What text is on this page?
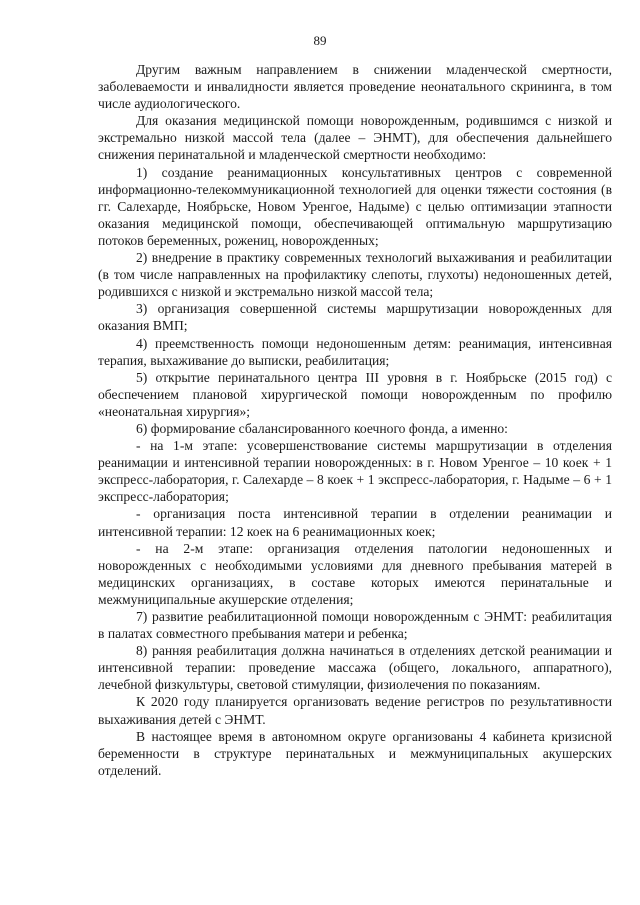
89

Другим важным направлением в снижении младенческой смертности, заболеваемости и инвалидности является проведение неонатального скрининга, в том числе аудиологического.

Для оказания медицинской помощи новорожденным, родившимся с низкой и экстремально низкой массой тела (далее – ЭНМТ), для обеспечения дальнейшего снижения перинатальной и младенческой смертности необходимо:

1) создание реанимационных консультативных центров с современной информационно-телекоммуникационной технологией для оценки тяжести состояния (в гг. Салехарде, Ноябрьске, Новом Уренгое, Надыме) с целью оптимизации этапности оказания медицинской помощи, обеспечивающей оптимальную маршрутизацию потоков беременных, рожениц, новорожденных;

2) внедрение в практику современных технологий выхаживания и реабилитации (в том числе направленных на профилактику слепоты, глухоты) недоношенных детей, родившихся с низкой и экстремально низкой массой тела;

3) организация совершенной системы маршрутизации новорожденных для оказания ВМП;

4) преемственность помощи недоношенным детям: реанимация, интенсивная терапия, выхаживание до выписки, реабилитация;

5) открытие перинатального центра III уровня в г. Ноябрьске (2015 год) с обеспечением плановой хирургической помощи новорожденным по профилю «неонатальная хирургия»;

6) формирование сбалансированного коечного фонда, а именно:

- на 1-м этапе: усовершенствование системы маршрутизации в отделения реанимации и интенсивной терапии новорожденных: в г. Новом Уренгое – 10 коек + 1 экспресс-лаборатория, г. Салехарде – 8 коек + 1 экспресс-лаборатория, г. Надыме – 6 + 1 экспресс-лаборатория;

- организация поста интенсивной терапии в отделении реанимации и интенсивной терапии: 12 коек на 6 реанимационных коек;

- на 2-м этапе: организация отделения патологии недоношенных и новорожденных с необходимыми условиями для дневного пребывания матерей в медицинских организациях, в составе которых имеются перинатальные и межмуниципальные акушерские отделения;

7) развитие реабилитационной помощи новорожденным с ЭНМТ: реабилитация в палатах совместного пребывания матери и ребенка;

8) ранняя реабилитация должна начинаться в отделениях детской реанимации и интенсивной терапии: проведение массажа (общего, локального, аппаратного), лечебной физкультуры, световой стимуляции, физиолечения по показаниям.

К 2020 году планируется организовать ведение регистров по результативности выхаживания детей с ЭНМТ.

В настоящее время в автономном округе организованы 4 кабинета кризисной беременности в структуре перинатальных и межмуниципальных акушерских отделений.
